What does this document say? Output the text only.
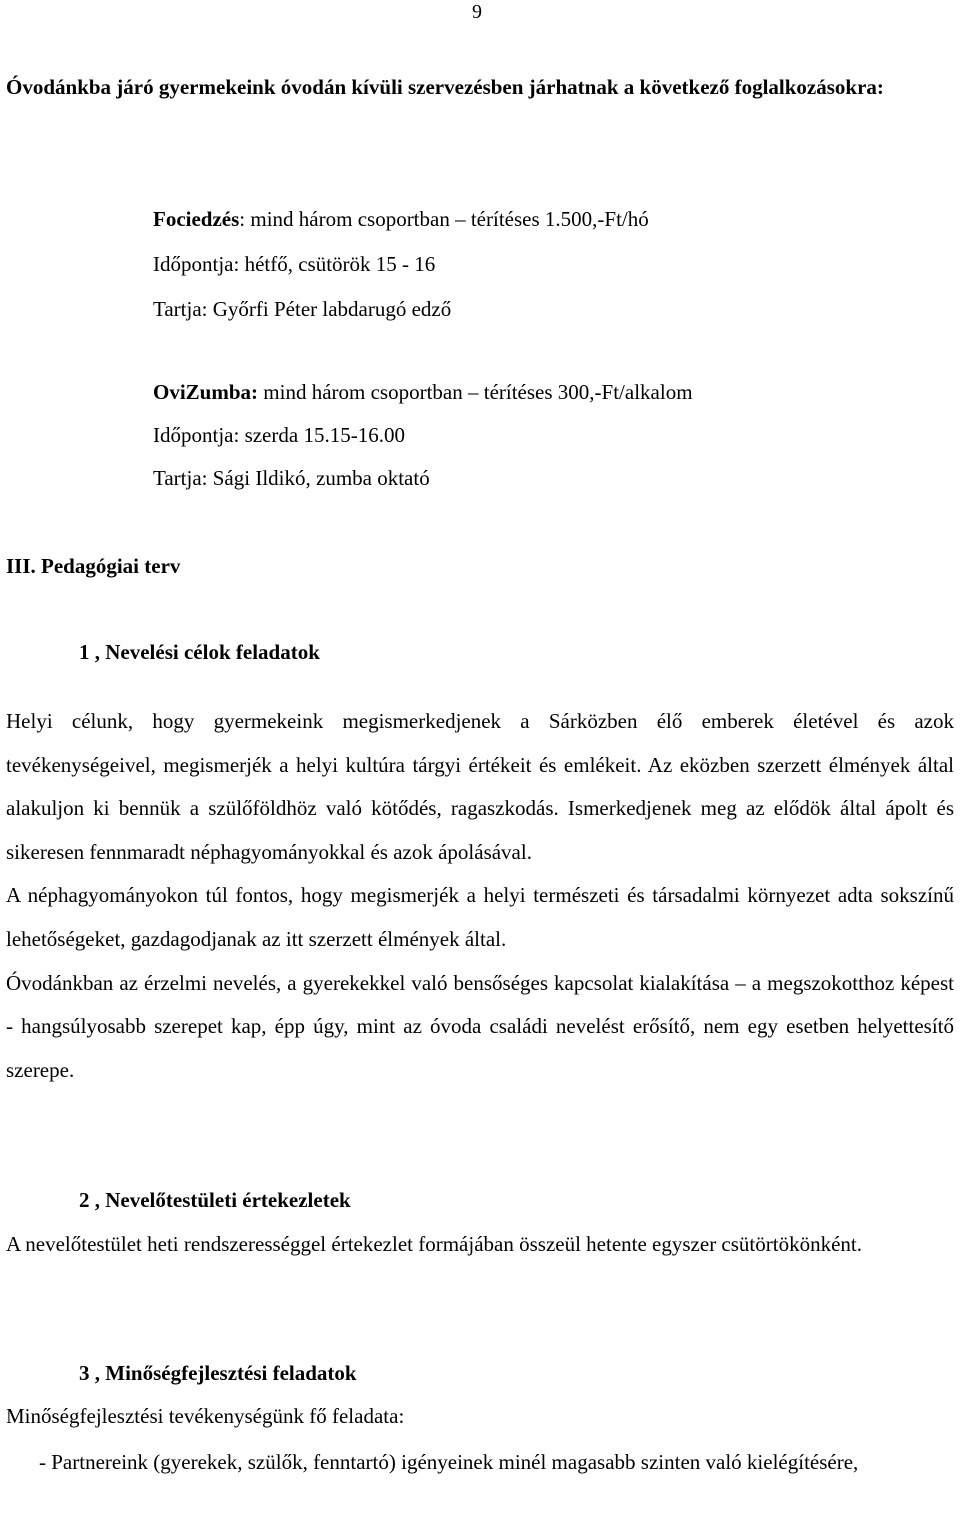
9

Óvodánkba járó gyermekeink óvodán kívüli szervezésben járhatnak a következő foglalkozásokra:

Fociedzés: mind három csoportban – térítéses 1.500,-Ft/hó
Időpontja: hétfő, csütörök 15 - 16
Tartja: Győrfi Péter labdarugó edző
OviZumba: mind három csoportban – térítéses 300,-Ft/alkalom
Időpontja: szerda 15.15-16.00
Tartja: Sági Ildikó, zumba oktató
III. Pedagógiai terv
1 , Nevelési célok feladatok
Helyi célunk, hogy gyermekeink megismerkedjenek a Sárközben élő emberek életével és azok tevékenységeivel, megismerjék a helyi kultúra tárgyi értékeit és emlékeit. Az eközben szerzett élmények által alakuljon ki bennük a szülőföldhöz való kötődés, ragaszkodás. Ismerkedjenek meg az elődök által ápolt és sikeresen fennmaradt néphagyományokkal és azok ápolásával.
A néphagyományokon túl fontos, hogy megismerjék a helyi természeti és társadalmi környezet adta sokszínű lehetőségeket, gazdagodjanak az itt szerzett élmények által.
Óvodánkban az érzelmi nevelés, a gyerekekkel való bensőséges kapcsolat kialakítása – a megszokotthoz képest - hangsúlyosabb szerepet kap, épp úgy, mint az óvoda családi nevelést erősítő, nem egy esetben helyettesítő szerepe.
2 , Nevelőtestületi értekezletek

A nevelőtestület heti rendszerességgel értekezlet formájában összeül hetente egyszer csütörtökönként.

3 , Minőségfejlesztési feladatok

Minőségfejlesztési tevékenységünk fő feladata:

- Partnereink (gyerekek, szülők, fenntartó) igényeinek minél magasabb szinten való kielégítésére,
